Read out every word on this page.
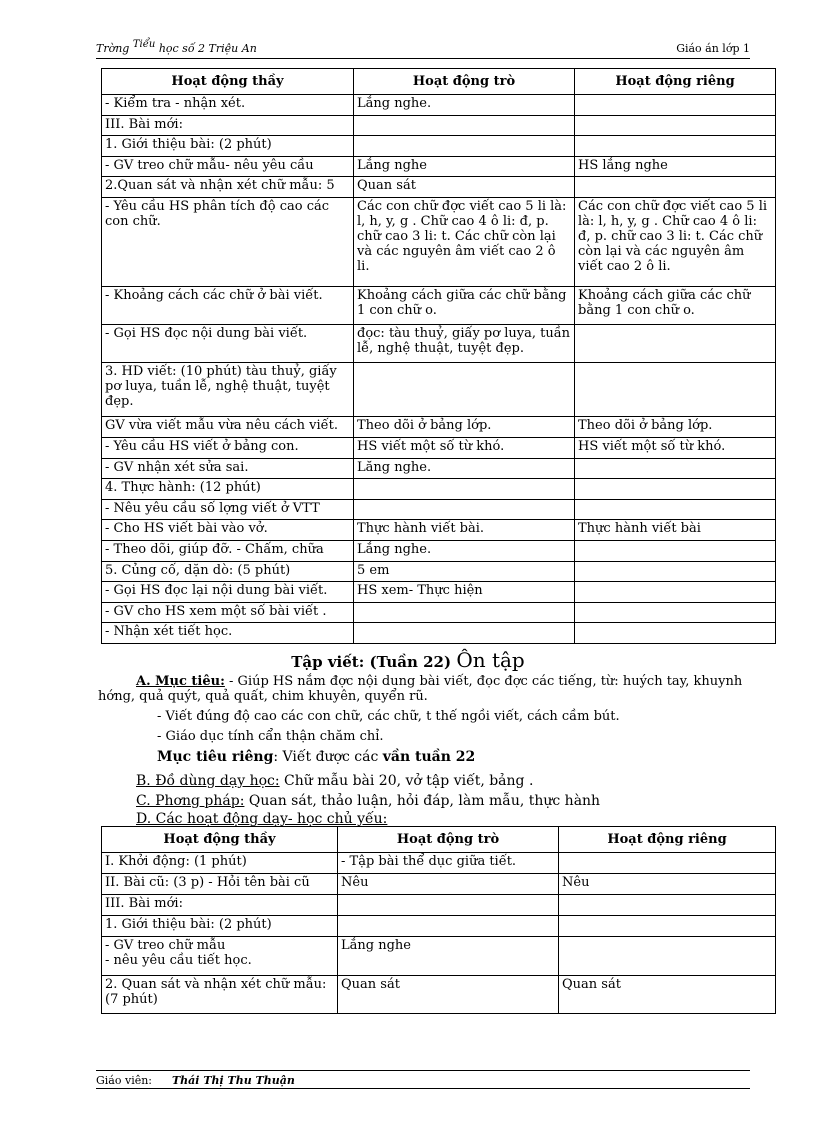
Trờng Tiểu học số 2 Triệu An	Giáo án lớp 1
Hoạt động thầy	Hoạt động trò	Hoạt động riêng
- Kiểm tra - nhận xét.	Lắng nghe.	
III. Bài mới:		
1. Giới thiệu bài: (2 phút)		
- GV treo chữ mẫu- nêu yêu cầu	Lắng nghe	HS lắng nghe
2.Quan sát và nhận xét chữ mẫu: 5	Quan sát	
- Yêu cầu HS phân tích độ cao các con chữ.	Các con chữ đợc viết cao 5 li là: l, h, y, g . Chữ cao 4 ô li: đ, p. chữ cao 3 li: t. Các chữ còn lại và các nguyên âm viết cao 2 ô li.	Các con chữ đợc viết cao 5 li là: l, h, y, g . Chữ cao 4 ô li: đ, p. chữ cao 3 li: t. Các chữ còn lại và các nguyên âm viết cao 2 ô li.
- Khoảng cách các chữ ở bài viết.	Khoảng cách giữa các chữ bằng 1 con chữ o.	Khoảng cách giữa các chữ bằng 1 con chữ o.
- Gọi HS đọc nội dung bài viết.	đọc: tàu thuỷ, giấy pơ luya, tuần lễ, nghệ thuật, tuyệt đẹp.	
3. HD viết: (10 phút) tàu thuỷ, giấy pơ luya, tuần lễ, nghệ thuật, tuyệt đẹp.		
GV vừa viết mẫu vừa nêu cách viết.	Theo dõi ở bảng lớp.	Theo dõi ở bảng lớp.
- Yêu cầu HS viết ở bảng con.	HS viết một số từ khó.	HS viết một số từ khó.
- GV nhận xét sửa sai.	Lăng nghe.	
4. Thực hành: (12 phút)		
- Nêu yêu cầu số lợng viết ở VTT		
- Cho HS viết bài vào vở.	Thực hành viết bài.	Thực hành viết bài
- Theo dõi, giúp đỡ. - Chấm, chữa	Lắng nghe.	
5. Củng cố, dặn dò: (5 phút)	5 em	
- Gọi HS đọc lại nội dung bài viết.	HS xem- Thực hiện	
- GV cho HS xem một số bài viết .		
- Nhận xét tiết học.		
Tập viết: (Tuần 22) Ôn tập
A. Mục tiêu: - Giúp HS nắm đợc nội dung bài viết, đọc đợc các tiếng, từ: huých tay, khuynh hớng, quả quýt, quả quất, chim khuyên, quyển rũ.
- Viết đúng độ cao các con chữ, các chữ, t thế ngồi viết, cách cầm bút.
- Giáo dục tính cẩn thận chăm chỉ.
Mục tiêu riêng: Viết được các vần tuần 22
B. Đồ dùng dạy học: Chữ mẫu bài 20, vở tập viết, bảng .
C. Phơng pháp: Quan sát, thảo luận, hỏi đáp, làm mẫu, thực hành
D. Các hoạt động dạy- học chủ yếu:
Hoạt động thầy	Hoạt động trò	Hoạt động riêng
I. Khởi động: (1 phút)	- Tập bài thể dục giữa tiết.	
II. Bài cũ: (3 p) - Hỏi tên bài cũ	Nêu	Nêu
III. Bài mới:		
1. Giới thiệu bài: (2 phút)		
- GV treo chữ mẫu
- nêu yêu cầu tiết học.	Lắng nghe	
2. Quan sát và nhận xét chữ mẫu: (7 phút)	Quan sát	Quan sát
Giáo viên: Thái Thị Thu Thuận
